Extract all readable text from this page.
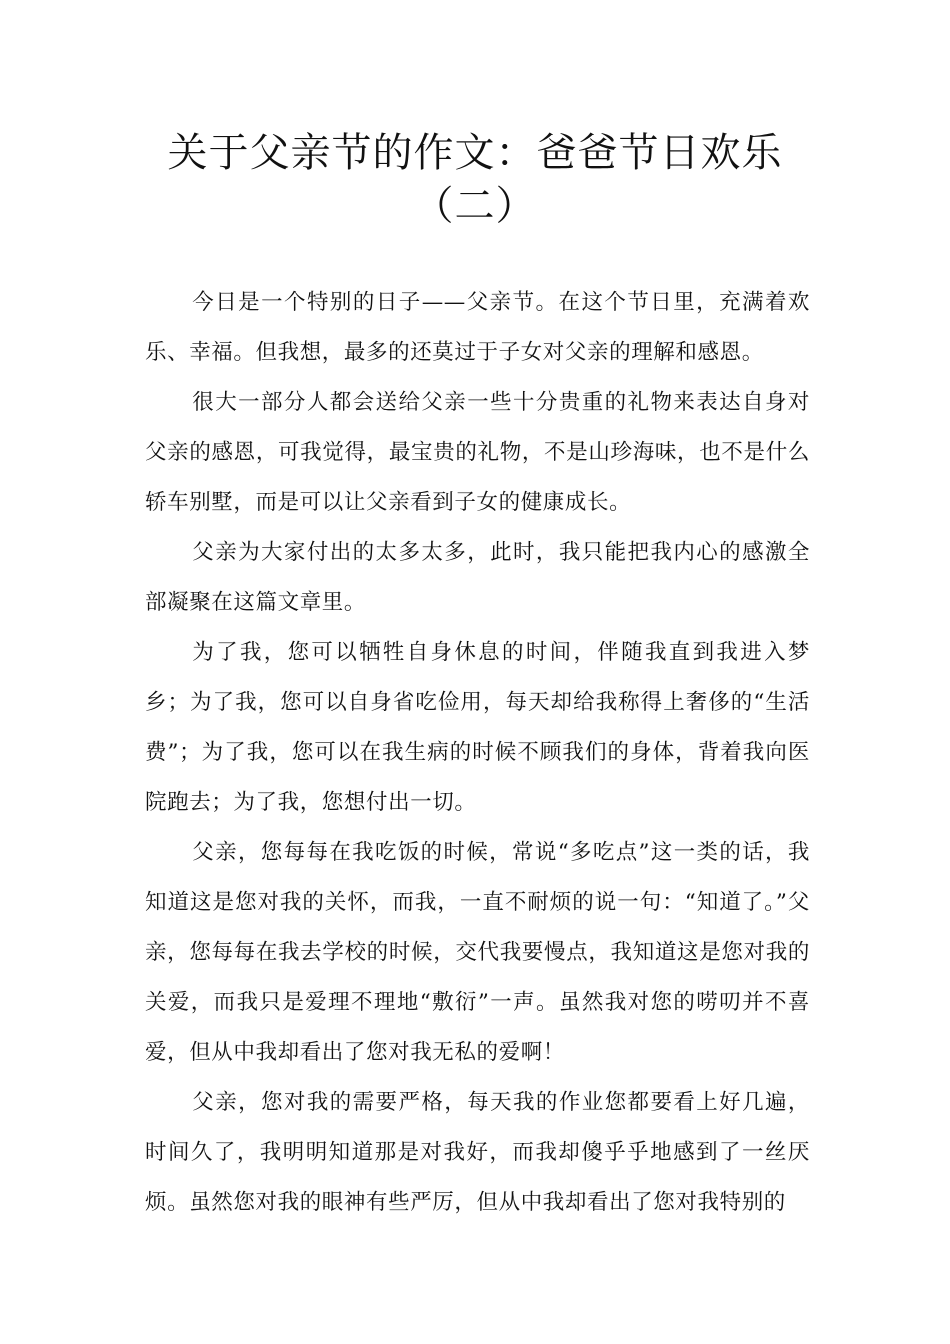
关于父亲节的作文：爸爸节日欢乐
（二）

今日是一个特别的日子——父亲节。在这个节日里，充满着欢乐、幸福。但我想，最多的还莫过于子女对父亲的理解和感恩。

很大一部分人都会送给父亲一些十分贵重的礼物来表达自身对父亲的感恩，可我觉得，最宝贵的礼物，不是山珍海味，也不是什么轿车别墅，而是可以让父亲看到子女的健康成长。

父亲为大家付出的太多太多，此时，我只能把我内心的感激全部凝聚在这篇文章里。

为了我，您可以牺牲自身休息的时间，伴随我直到我进入梦乡；为了我，您可以自身省吃俭用，每天却给我称得上奢侈的“生活费”；为了我，您可以在我生病的时候不顾我们的身体，背着我向医院跑去；为了我，您想付出一切。

父亲，您每每在我吃饭的时候，常说“多吃点”这一类的话，我知道这是您对我的关怀，而我，一直不耐烦的说一句：“知道了。”父亲，您每每在我去学校的时候，交代我要慢点，我知道这是您对我的关爱，而我只是爱理不理地“敷衍”一声。虽然我对您的唠叨并不喜爱，但从中我却看出了您对我无私的爱啊！

父亲，您对我的需要严格，每天我的作业您都要看上好几遍，时间久了，我明明知道那是对我好，而我却傻乎乎地感到了一丝厌烦。虽然您对我的眼神有些严厉，但从中我却看出了您对我特别的
